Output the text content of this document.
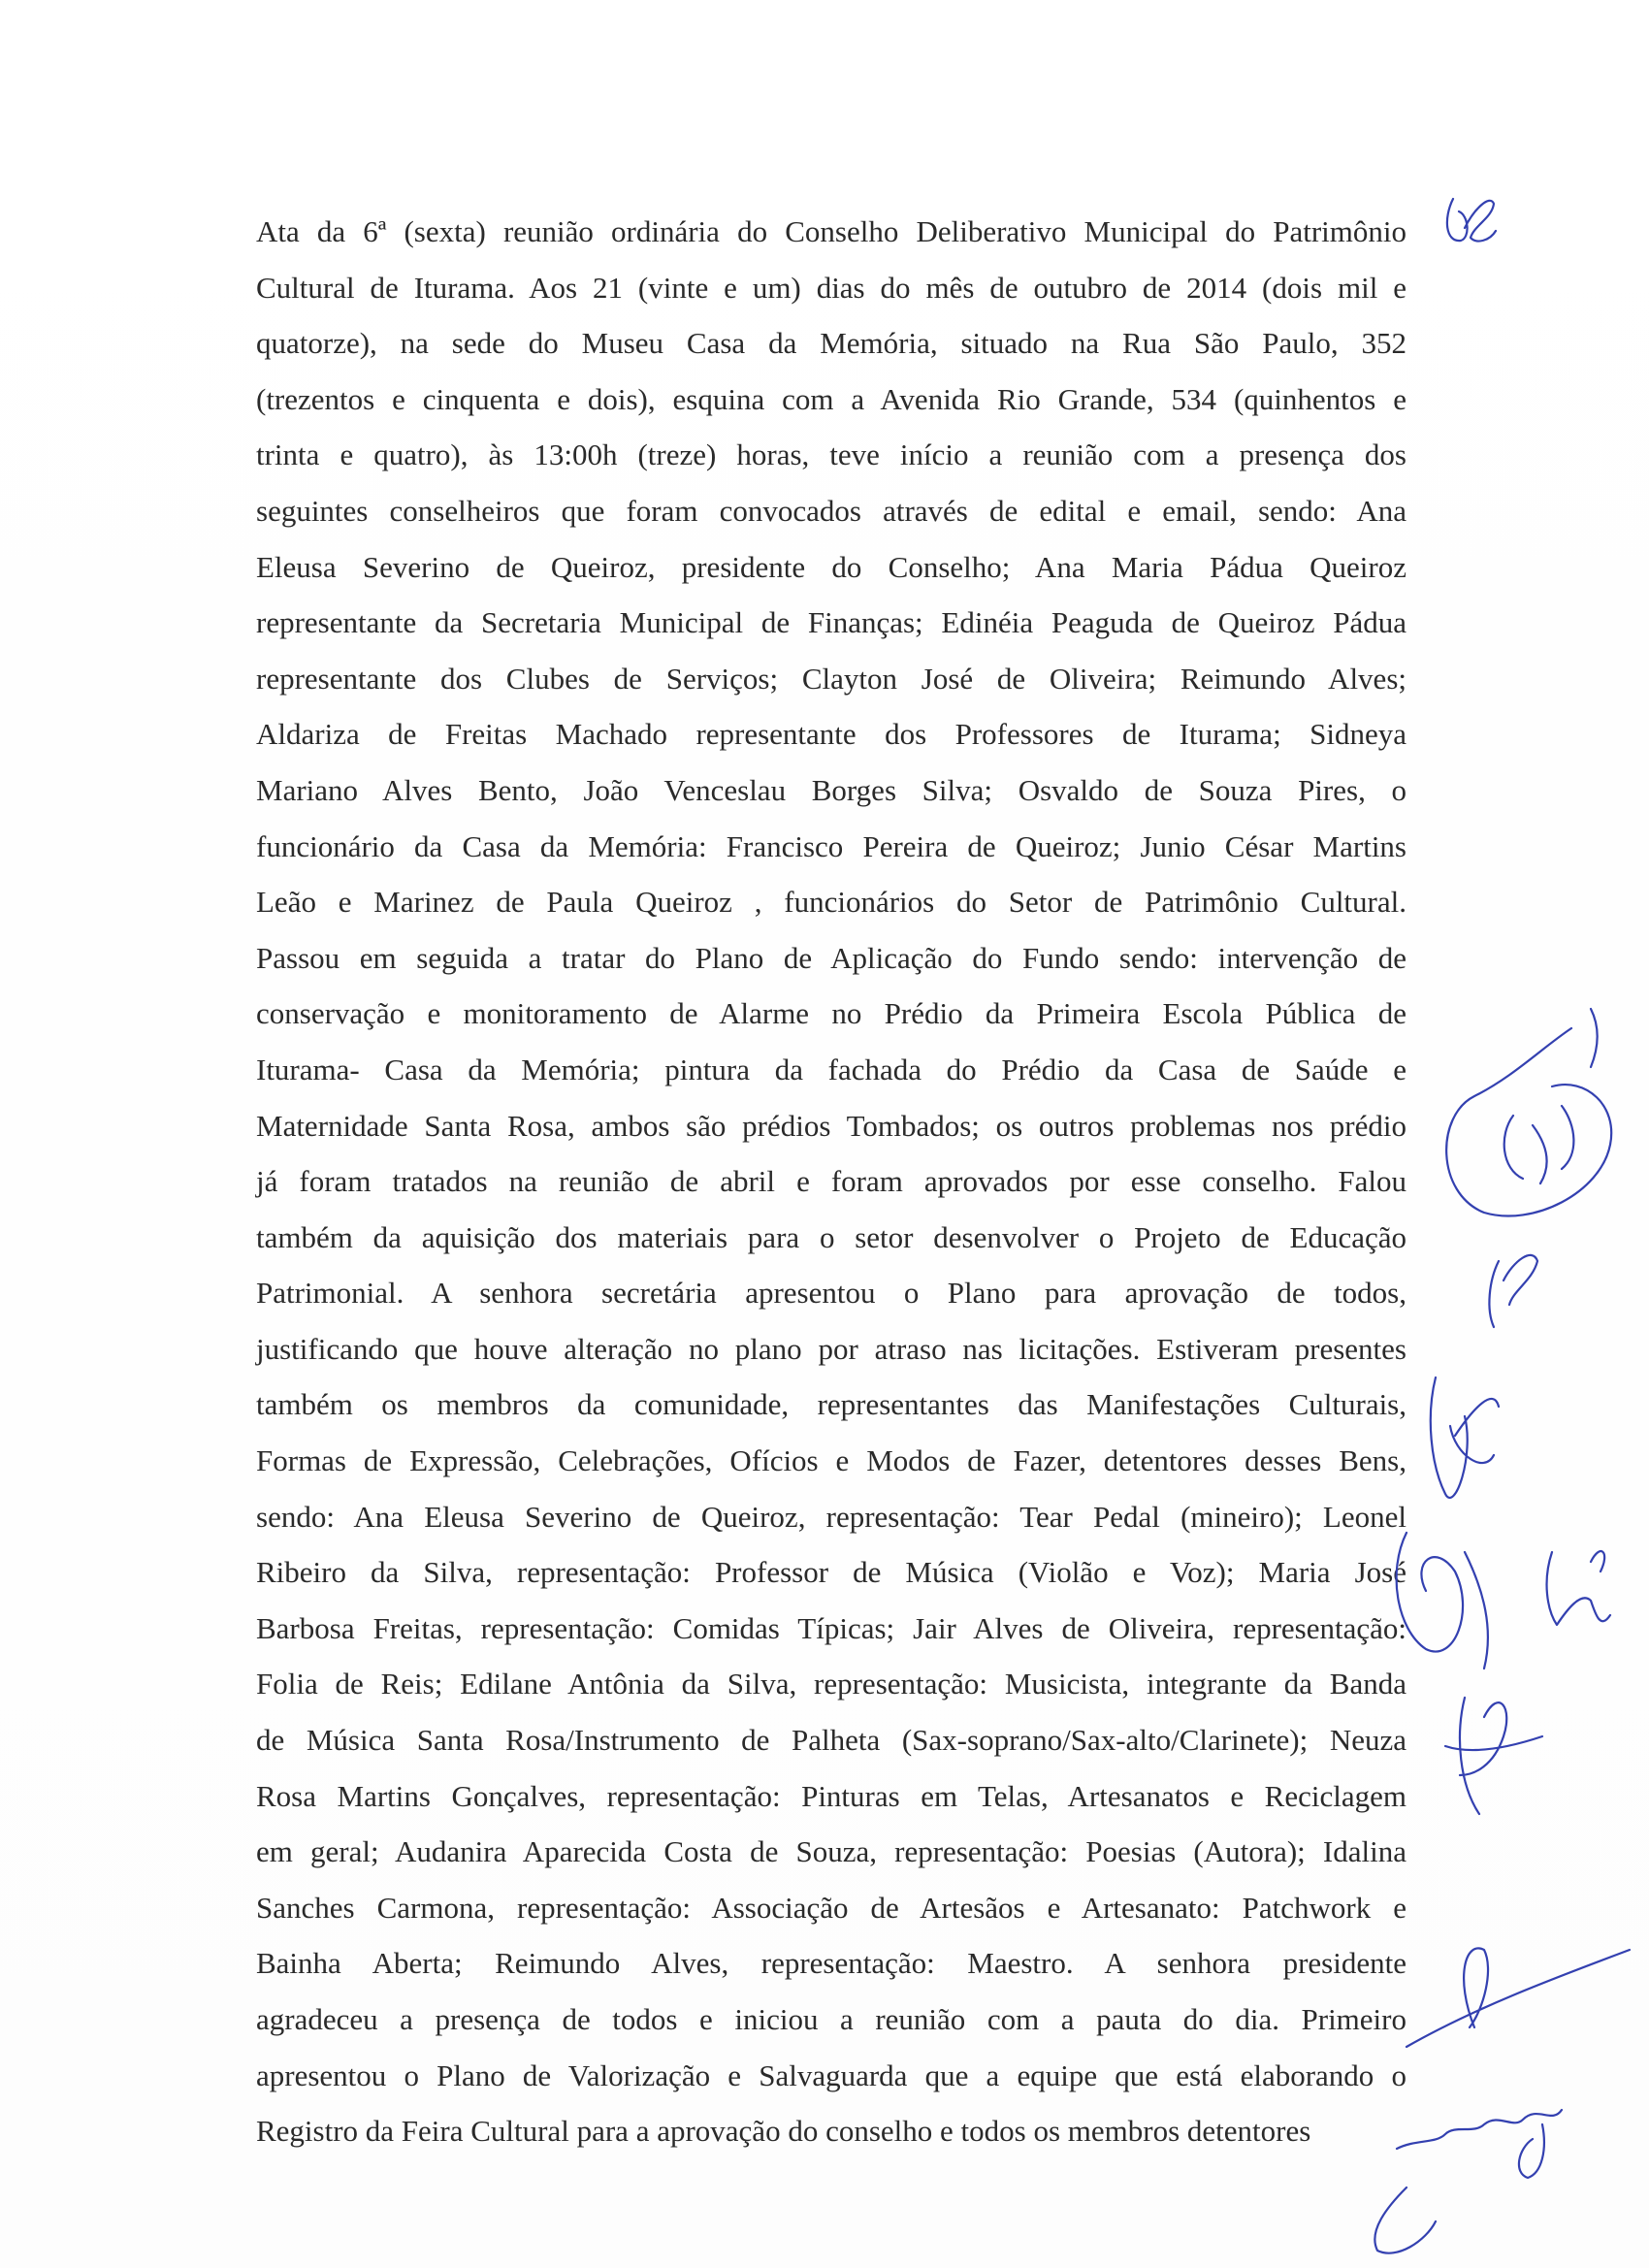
Ata da 6ª (sexta) reunião ordinária do Conselho Deliberativo Municipal do Patrimônio
Cultural de Iturama. Aos 21 (vinte e um) dias do mês de outubro de 2014 (dois mil e
quatorze), na sede do Museu Casa da Memória, situado na Rua São Paulo, 352
(trezentos e cinquenta e dois), esquina com a Avenida Rio Grande, 534 (quinhentos e
trinta e quatro), às 13:00h (treze) horas, teve início a reunião com a presença dos
seguintes conselheiros que foram convocados através de edital e email, sendo: Ana
Eleusa Severino de Queiroz, presidente do Conselho; Ana Maria Pádua Queiroz
representante da Secretaria Municipal de Finanças; Edinéia Peaguda de Queiroz Pádua
representante dos Clubes de Serviços; Clayton José de Oliveira; Reimundo Alves;
Aldariza de Freitas Machado representante dos Professores de Iturama; Sidneya
Mariano Alves Bento, João Venceslau Borges Silva; Osvaldo de Souza Pires, o
funcionário da Casa da Memória: Francisco Pereira de Queiroz; Junio César Martins
Leão e Marinez de Paula Queiroz , funcionários do Setor de Patrimônio Cultural.
Passou em seguida a tratar do Plano de Aplicação do Fundo sendo: intervenção de
conservação e monitoramento de Alarme no Prédio da Primeira Escola Pública de
Iturama- Casa da Memória; pintura da fachada do Prédio da Casa de Saúde e
Maternidade Santa Rosa, ambos são prédios Tombados; os outros problemas nos prédio
já foram tratados na reunião de abril e foram aprovados por esse conselho. Falou
também da aquisição dos materiais para o setor desenvolver o Projeto de Educação
Patrimonial. A senhora secretária apresentou o Plano para aprovação de todos,
justificando que houve alteração no plano por atraso nas licitações. Estiveram presentes
também os membros da comunidade, representantes das Manifestações Culturais,
Formas de Expressão, Celebrações, Ofícios e Modos de Fazer, detentores desses Bens,
sendo: Ana Eleusa Severino de Queiroz, representação: Tear Pedal (mineiro); Leonel
Ribeiro da Silva, representação: Professor de Música (Violão e Voz); Maria José
Barbosa Freitas, representação: Comidas Típicas; Jair Alves de Oliveira, representação:
Folia de Reis; Edilane Antônia da Silva, representação: Musicista, integrante da Banda
de Música Santa Rosa/Instrumento de Palheta (Sax-soprano/Sax-alto/Clarinete); Neuza
Rosa Martins Gonçalves, representação: Pinturas em Telas, Artesanatos e Reciclagem
em geral; Audanira Aparecida Costa de Souza, representação: Poesias (Autora); Idalina
Sanches Carmona, representação: Associação de Artesãos e Artesanato: Patchwork e
Bainha Aberta; Reimundo Alves, representação: Maestro. A senhora presidente
agradeceu a presença de todos e iniciou a reunião com a pauta do dia. Primeiro
apresentou o Plano de Valorização e Salvaguarda que a equipe que está elaborando o
Registro da Feira Cultural para a aprovação do conselho e todos os membros detentores
